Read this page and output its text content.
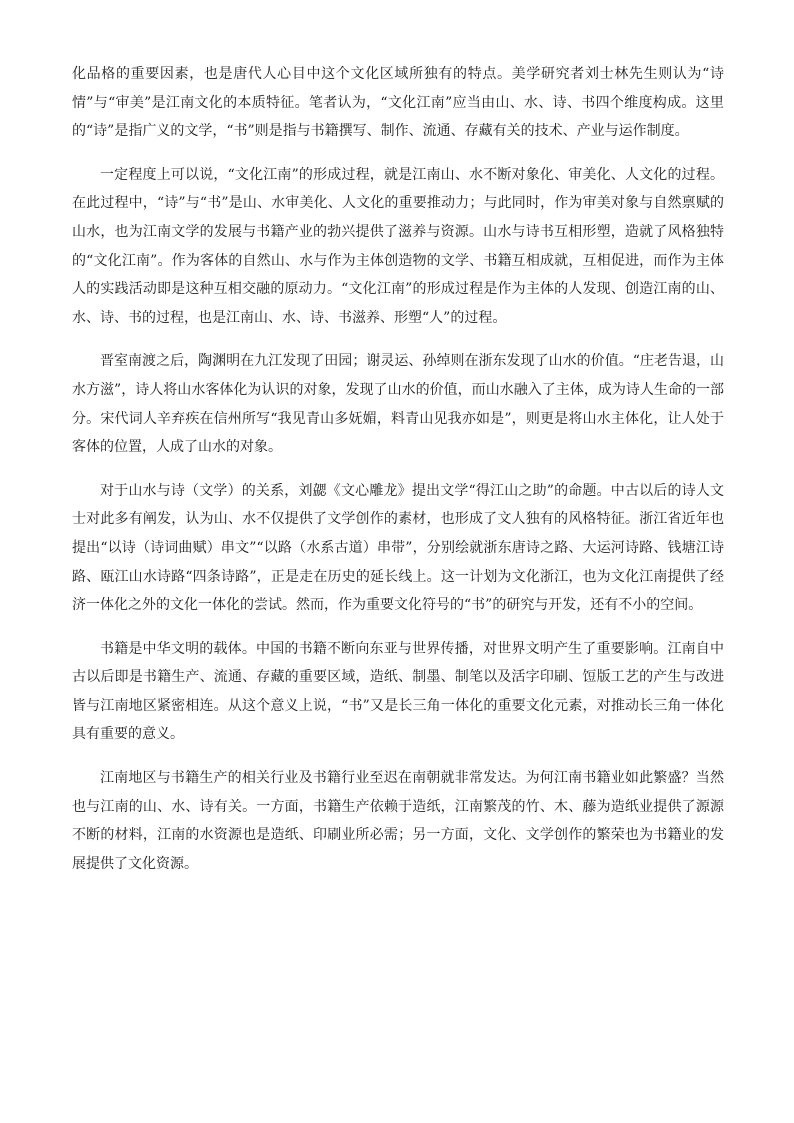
化品格的重要因素，也是唐代人心目中这个文化区域所独有的特点。美学研究者刘士林先生则认为“诗情”与“审美”是江南文化的本质特征。笔者认为，“文化江南”应当由山、水、诗、书四个维度构成。这里的“诗”是指广义的文学，“书”则是指与书籍撰写、制作、流通、存藏有关的技术、产业与运作制度。

一定程度上可以说，“文化江南”的形成过程，就是江南山、水不断对象化、审美化、人文化的过程。在此过程中，“诗”与“书”是山、水审美化、人文化的重要推动力；与此同时，作为审美对象与自然禀赋的山水，也为江南文学的发展与书籍产业的勃兴提供了滋养与资源。山水与诗书互相形塑，造就了风格独特的“文化江南”。作为客体的自然山、水与作为主体创造物的文学、书籍互相成就，互相促进，而作为主体人的实践活动即是这种互相交融的原动力。“文化江南”的形成过程是作为主体的人发现、创造江南的山、水、诗、书的过程，也是江南山、水、诗、书滋养、形塑“人”的过程。

晋室南渡之后，陶渊明在九江发现了田园；谢灵运、孙绰则在浙东发现了山水的价值。“庄老告退，山水方滋”，诗人将山水客体化为认识的对象，发现了山水的价值，而山水融入了主体，成为诗人生命的一部分。宋代词人辛弃疾在信州所写“我见青山多妩媚，料青山见我亦如是”，则更是将山水主体化，让人处于客体的位置，人成了山水的对象。

对于山水与诗（文学）的关系，刘勰《文心雕龙》提出文学“得江山之助”的命题。中古以后的诗人文士对此多有阐发，认为山、水不仅提供了文学创作的素材，也形成了文人独有的风格特征。浙江省近年也提出“以诗（诗词曲赋）串文”“以路（水系古道）串带”，分别绘就浙东唐诗之路、大运河诗路、钱塘江诗路、瓯江山水诗路“四条诗路”，正是走在历史的延长线上。这一计划为文化浙江，也为文化江南提供了经济一体化之外的文化一体化的尝试。然而，作为重要文化符号的“书”的研究与开发，还有不小的空间。

书籍是中华文明的载体。中国的书籍不断向东亚与世界传播，对世界文明产生了重要影响。江南自中古以后即是书籍生产、流通、存藏的重要区域，造纸、制墨、制笔以及活字印刷、饾版工艺的产生与改进皆与江南地区紧密相连。从这个意义上说，“书”又是长三角一体化的重要文化元素，对推动长三角一体化具有重要的意义。

江南地区与书籍生产的相关行业及书籍行业至迟在南朝就非常发达。为何江南书籍业如此繁盛？当然也与江南的山、水、诗有关。一方面，书籍生产依赖于造纸，江南繁茂的竹、木、藤为造纸业提供了源源不断的材料，江南的水资源也是造纸、印刷业所必需；另一方面，文化、文学创作的繁荣也为书籍业的发展提供了文化资源。
